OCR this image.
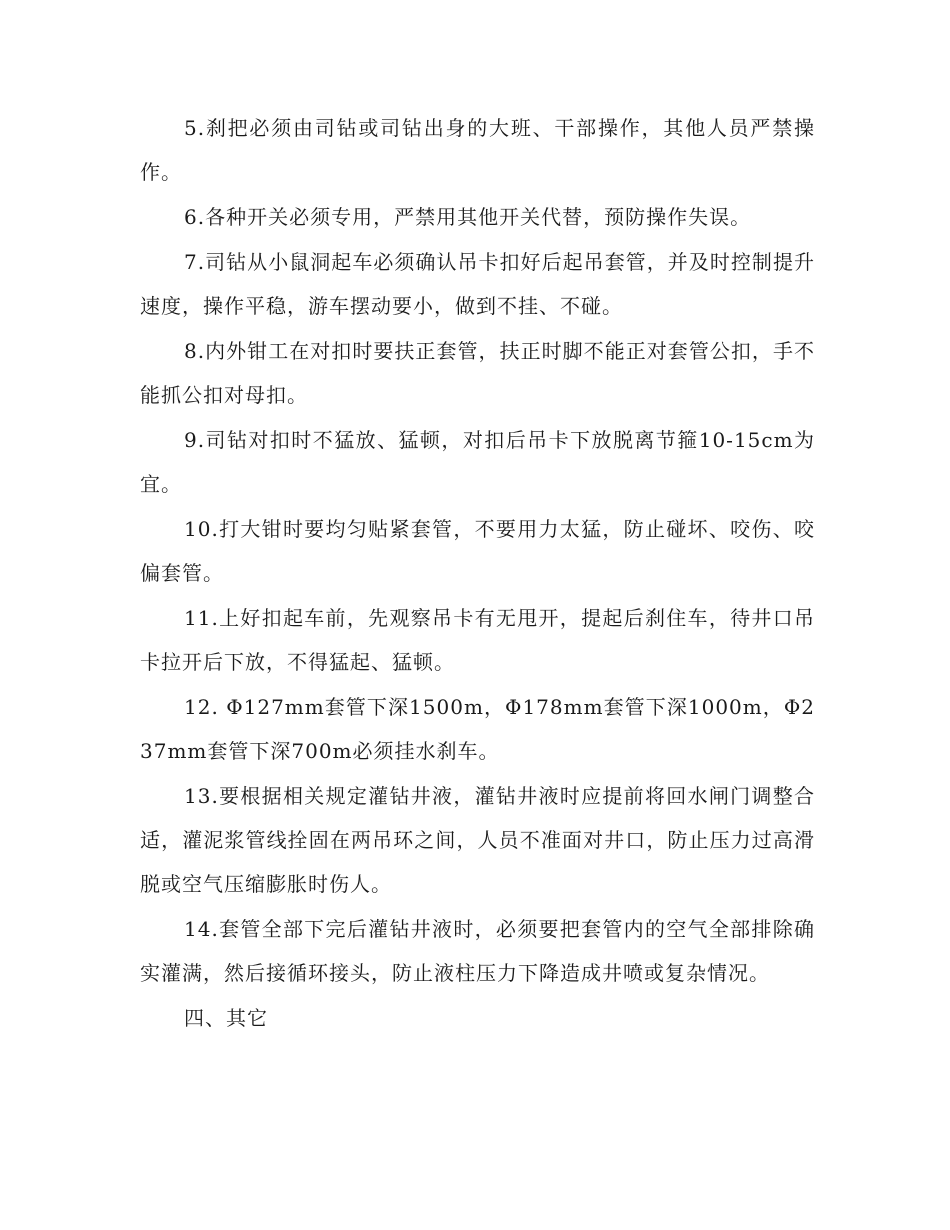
5.刹把必须由司钻或司钻出身的大班、干部操作，其他人员严禁操作。

6.各种开关必须专用，严禁用其他开关代替，预防操作失误。

7.司钻从小鼠洞起车必须确认吊卡扣好后起吊套管，并及时控制提升速度，操作平稳，游车摆动要小，做到不挂、不碰。

8.内外钳工在对扣时要扶正套管，扶正时脚不能正对套管公扣，手不能抓公扣对母扣。

9.司钻对扣时不猛放、猛顿，对扣后吊卡下放脱离节箍10-15cm为宜。

10.打大钳时要均匀贴紧套管，不要用力太猛，防止碰坏、咬伤、咬偏套管。

11.上好扣起车前，先观察吊卡有无甩开，提起后刹住车，待井口吊卡拉开后下放，不得猛起、猛顿。

12. Φ127mm套管下深1500m，Φ178mm套管下深1000m，Φ237mm套管下深700m必须挂水刹车。

13.要根据相关规定灌钻井液，灌钻井液时应提前将回水闸门调整合适，灌泥浆管线拴固在两吊环之间，人员不准面对井口，防止压力过高滑脱或空气压缩膨胀时伤人。

14.套管全部下完后灌钻井液时，必须要把套管内的空气全部排除确实灌满，然后接循环接头，防止液柱压力下降造成井喷或复杂情况。

四、其它
